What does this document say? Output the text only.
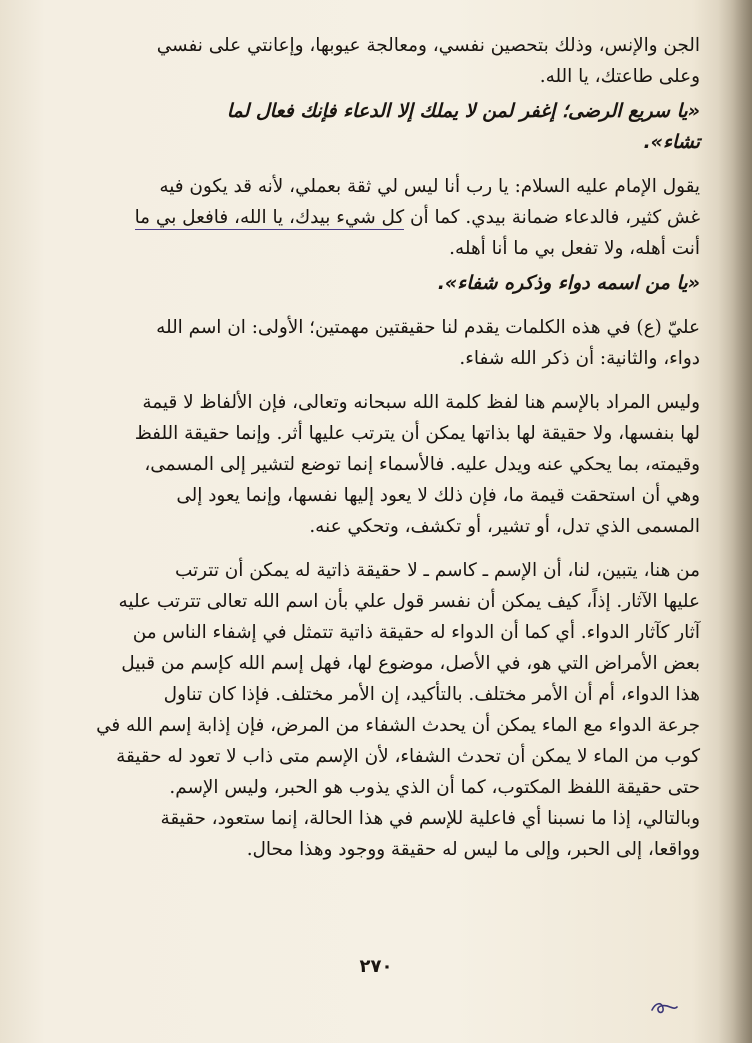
الجن والإنس، وذلك بتحصين نفسي، ومعالجة عيوبها، وإعانتي على نفسي
وعلى طاعتك، يا الله.

«يا سريع الرضى؛ إغفر لمن لا يملك إلا الدعاء فإنك فعال لما
تشاء».

يقول الإمام عليه السلام: يا رب أنا ليس لي ثقة بعملي، لأنه قد يكون فيه
غش كثير، فالدعاء ضمانة بيدي. كما أن كل شيء بيدك، يا الله، فافعل بي ما
أنت أهله، ولا تفعل بي ما أنا أهله.

«يا من اسمه دواء وذكره شفاء».

عليّ (ع) في هذه الكلمات يقدم لنا حقيقتين مهمتين؛ الأولى: ان اسم الله
دواء، والثانية: أن ذكر الله شفاء.

وليس المراد بالإسم هنا لفظ كلمة الله سبحانه وتعالى، فإن الألفاظ لا قيمة
لها بنفسها، ولا حقيقة لها بذاتها يمكن أن يترتب عليها أثر. وإنما حقيقة اللفظ
وقيمته، بما يحكي عنه ويدل عليه. فالأسماء إنما توضع لتشير إلى المسمى،
وهي أن استحقت قيمة ما، فإن ذلك لا يعود إليها نفسها، وإنما يعود إلى
المسمى الذي تدل، أو تشير، أو تكشف، وتحكي عنه.

من هنا، يتبين، لنا، أن الإسم ـ كاسم ـ لا حقيقة ذاتية له يمكن أن تترتب
عليها الآثار. إذاً، كيف يمكن أن نفسر قول علي بأن اسم الله تعالى تترتب عليه
آثار كآثار الدواء. أي كما أن الدواء له حقيقة ذاتية تتمثل في إشفاء الناس من
بعض الأمراض التي هو، في الأصل، موضوع لها، فهل إسم الله كإسم من قبيل
هذا الدواء، أم أن الأمر مختلف. بالتأكيد، إن الأمر مختلف. فإذا كان تناول
جرعة الدواء مع الماء يمكن أن يحدث الشفاء من المرض، فإن إذابة إسم الله في
كوب من الماء لا يمكن أن تحدث الشفاء، لأن الإسم متى ذاب لا تعود له حقيقة
حتى حقيقة اللفظ المكتوب، كما أن الذي يذوب هو الحبر، وليس الإسم.
وبالتالي، إذا ما نسبنا أي فاعلية للإسم في هذا الحالة، إنما ستعود، حقيقة
وواقعا، إلى الحبر، وإلى ما ليس له حقيقة ووجود وهذا محال.

٢٧٠
